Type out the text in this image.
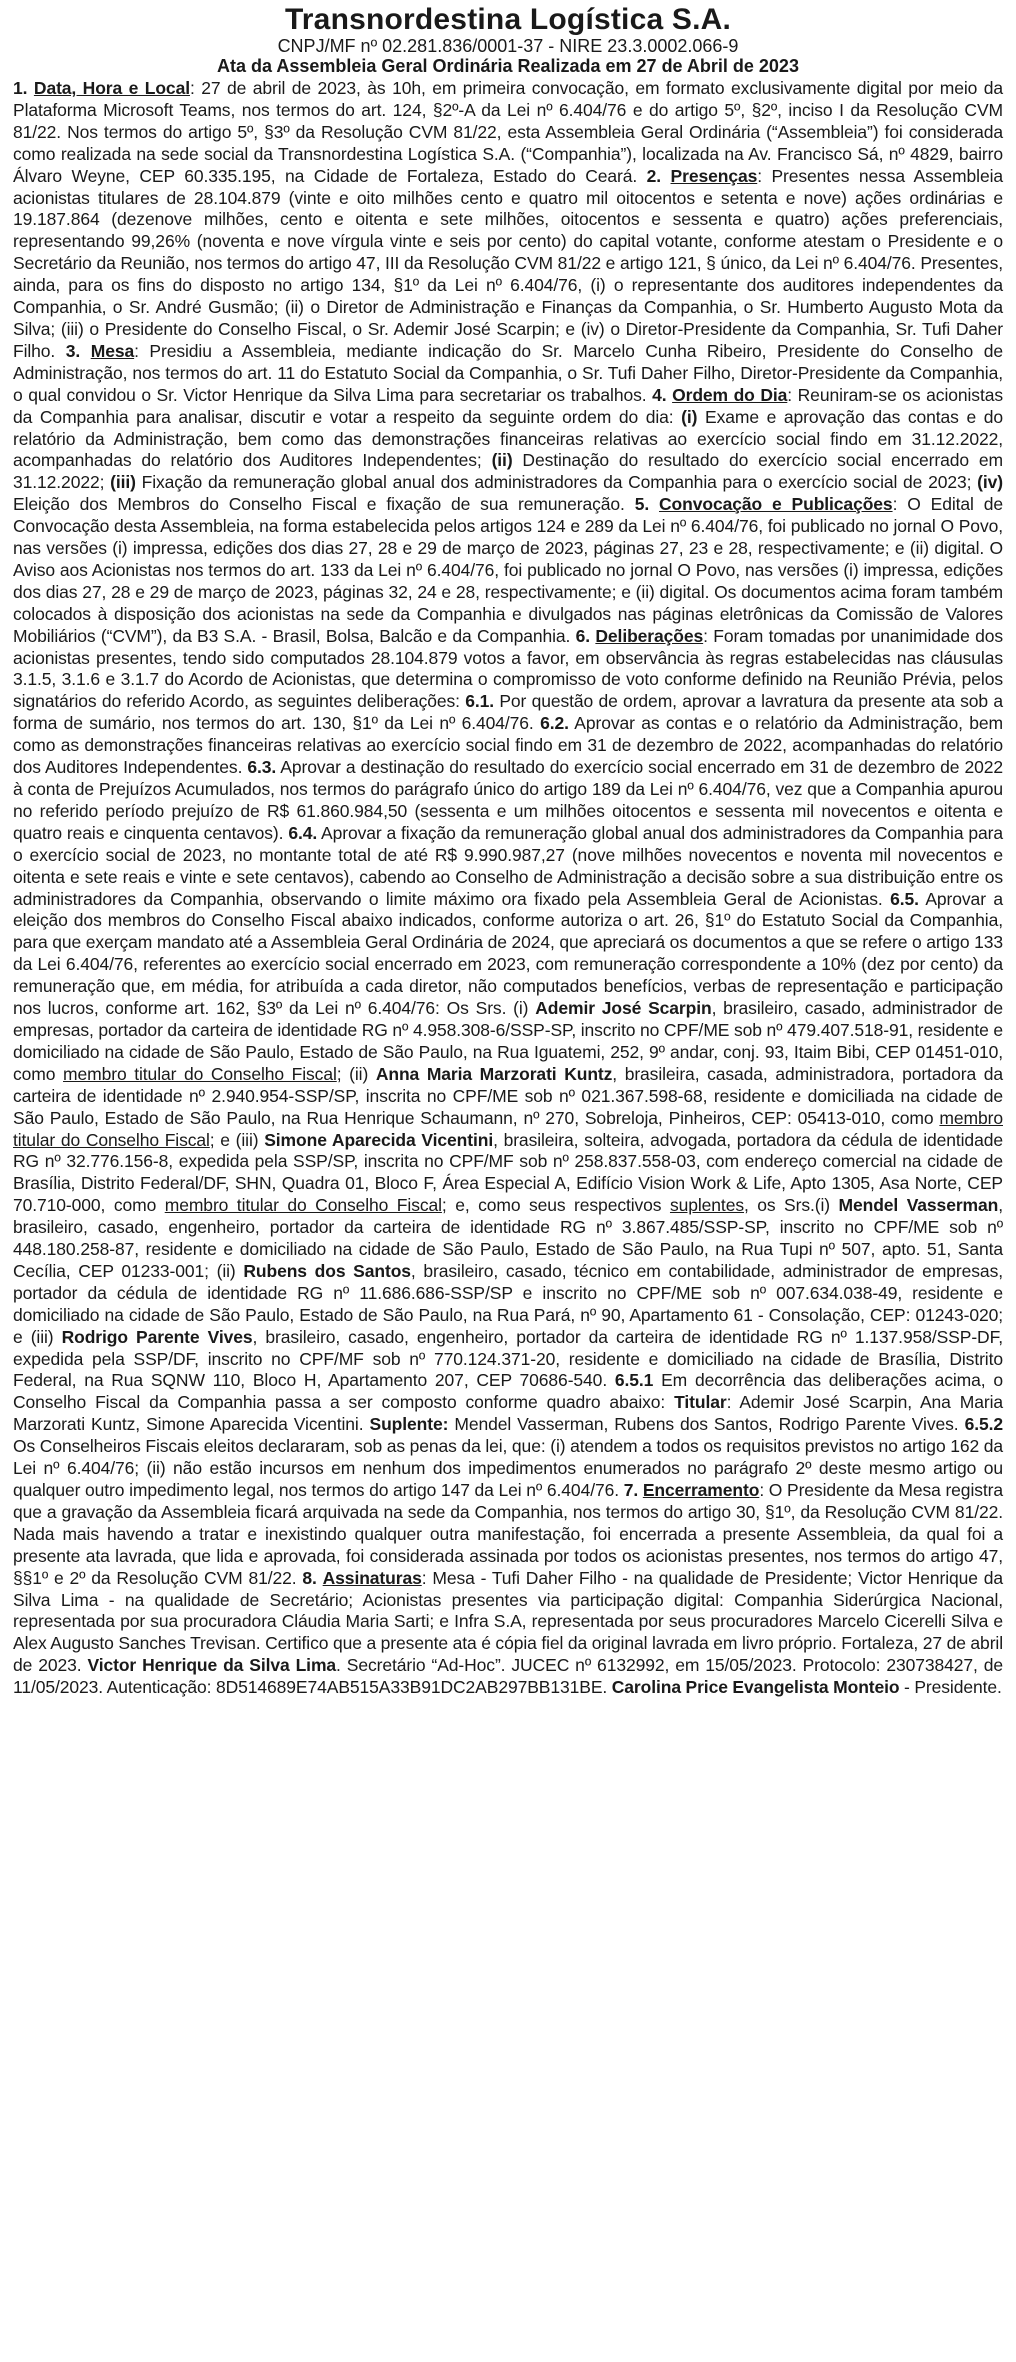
Transnordestina Logística S.A.
CNPJ/MF nº 02.281.836/0001-37 - NIRE 23.3.0002.066-9
Ata da Assembleia Geral Ordinária Realizada em 27 de Abril de 2023
1. Data, Hora e Local: 27 de abril de 2023, às 10h, em primeira convocação, em formato exclusivamente digital por meio da Plataforma Microsoft Teams, nos termos do art. 124, §2º-A da Lei nº 6.404/76 e do artigo 5º, §2º, inciso I da Resolução CVM 81/22. Nos termos do artigo 5º, §3º da Resolução CVM 81/22, esta Assembleia Geral Ordinária (“Assembleia”) foi considerada como realizada na sede social da Transnordestina Logística S.A. (“Companhia”), localizada na Av. Francisco Sá, nº 4829, bairro Álvaro Weyne, CEP 60.335.195, na Cidade de Fortaleza, Estado do Ceará. 2. Presenças: Presentes nessa Assembleia acionistas titulares de 28.104.879 (vinte e oito milhões cento e quatro mil oitocentos e setenta e nove) ações ordinárias e 19.187.864 (dezenove milhões, cento e oitenta e sete milhões, oitocentos e sessenta e quatro) ações preferenciais, representando 99,26% (noventa e nove vírgula vinte e seis por cento) do capital votante, conforme atestam o Presidente e o Secretário da Reunião, nos termos do artigo 47, III da Resolução CVM 81/22 e artigo 121, § único, da Lei nº 6.404/76. Presentes, ainda, para os fins do disposto no artigo 134, §1º da Lei nº 6.404/76, (i) o representante dos auditores independentes da Companhia, o Sr. André Gusmão; (ii) o Diretor de Administração e Finanças da Companhia, o Sr. Humberto Augusto Mota da Silva; (iii) o Presidente do Conselho Fiscal, o Sr. Ademir José Scarpin; e (iv) o Diretor-Presidente da Companhia, Sr. Tufi Daher Filho. 3. Mesa: Presidiu a Assembleia, mediante indicação do Sr. Marcelo Cunha Ribeiro, Presidente do Conselho de Administração, nos termos do art. 11 do Estatuto Social da Companhia, o Sr. Tufi Daher Filho, Diretor-Presidente da Companhia, o qual convidou o Sr. Victor Henrique da Silva Lima para secretariar os trabalhos. 4. Ordem do Dia: Reuniram-se os acionistas da Companhia para analisar, discutir e votar a respeito da seguinte ordem do dia: (i) Exame e aprovação das contas e do relatório da Administração, bem como das demonstrações financeiras relativas ao exercício social findo em 31.12.2022, acompanhadas do relatório dos Auditores Independentes; (ii) Destinação do resultado do exercício social encerrado em 31.12.2022; (iii) Fixação da remuneração global anual dos administradores da Companhia para o exercício social de 2023; (iv) Eleição dos Membros do Conselho Fiscal e fixação de sua remuneração. 5. Convocação e Publicações: O Edital de Convocação desta Assembleia, na forma estabelecida pelos artigos 124 e 289 da Lei nº 6.404/76, foi publicado no jornal O Povo, nas versões (i) impressa, edições dos dias 27, 28 e 29 de março de 2023, páginas 27, 23 e 28, respectivamente; e (ii) digital. O Aviso aos Acionistas nos termos do art. 133 da Lei nº 6.404/76, foi publicado no jornal O Povo, nas versões (i) impressa, edições dos dias 27, 28 e 29 de março de 2023, páginas 32, 24 e 28, respectivamente; e (ii) digital. Os documentos acima foram também colocados à disposição dos acionistas na sede da Companhia e divulgados nas páginas eletrônicas da Comissão de Valores Mobiliários (“CVM”), da B3 S.A. - Brasil, Bolsa, Balcão e da Companhia. 6. Deliberações: Foram tomadas por unanimidade dos acionistas presentes, tendo sido computados 28.104.879 votos a favor, em observância às regras estabelecidas nas cláusulas 3.1.5, 3.1.6 e 3.1.7 do Acordo de Acionistas, que determina o compromisso de voto conforme definido na Reunião Prévia, pelos signatários do referido Acordo, as seguintes deliberações: 6.1. Por questão de ordem, aprovar a lavratura da presente ata sob a forma de sumário, nos termos do art. 130, §1º da Lei nº 6.404/76. 6.2. Aprovar as contas e o relatório da Administração, bem como as demonstrações financeiras relativas ao exercício social findo em 31 de dezembro de 2022, acompanhadas do relatório dos Auditores Independentes. 6.3. Aprovar a destinação do resultado do exercício social encerrado em 31 de dezembro de 2022 à conta de Prejuízos Acumulados, nos termos do parágrafo único do artigo 189 da Lei nº 6.404/76, vez que a Companhia apurou no referido período prejuízo de R$ 61.860.984,50 (sessenta e um milhões oitocentos e sessenta mil novecentos e oitenta e quatro reais e cinquenta centavos). 6.4. Aprovar a fixação da remuneração global anual dos administradores da Companhia para o exercício social de 2023, no montante total de até R$ 9.990.987,27 (nove milhões novecentos e noventa mil novecentos e oitenta e sete reais e vinte e sete centavos), cabendo ao Conselho de Administração a decisão sobre a sua distribuição entre os administradores da Companhia, observando o limite máximo ora fixado pela Assembleia Geral de Acionistas. 6.5. Aprovar a eleição dos membros do Conselho Fiscal abaixo indicados, conforme autoriza o art. 26, §1º do Estatuto Social da Companhia, para que exerçam mandato até a Assembleia Geral Ordinária de 2024, que apreciará os documentos a que se refere o artigo 133 da Lei 6.404/76, referentes ao exercício social encerrado em 2023, com remuneração correspondente a 10% (dez por cento) da remuneração que, em média, for atribuída a cada diretor, não computados benefícios, verbas de representação e participação nos lucros, conforme art. 162, §3º da Lei nº 6.404/76: Os Srs. (i) Ademir José Scarpin, brasileiro, casado, administrador de empresas, portador da carteira de identidade RG nº 4.958.308-6/SSP-SP, inscrito no CPF/ME sob nº 479.407.518-91, residente e domiciliado na cidade de São Paulo, Estado de São Paulo, na Rua Iguatemi, 252, 9º andar, conj. 93, Itaim Bibi, CEP 01451-010, como membro titular do Conselho Fiscal; (ii) Anna Maria Marzorati Kuntz, brasileira, casada, administradora, portadora da carteira de identidade nº 2.940.954-SSP/SP, inscrita no CPF/ME sob nº 021.367.598-68, residente e domiciliada na cidade de São Paulo, Estado de São Paulo, na Rua Henrique Schaumann, nº 270, Sobreloja, Pinheiros, CEP: 05413-010, como membro titular do Conselho Fiscal; e (iii) Simone Aparecida Vicentini, brasileira, solteira, advogada, portadora da cédula de identidade RG nº 32.776.156-8, expedida pela SSP/SP, inscrita no CPF/MF sob nº 258.837.558-03, com endereço comercial na cidade de Brasília, Distrito Federal/DF, SHN, Quadra 01, Bloco F, Área Especial A, Edifício Vision Work & Life, Apto 1305, Asa Norte, CEP 70.710-000, como membro titular do Conselho Fiscal; e, como seus respectivos suplentes, os Srs.(i) Mendel Vasserman, brasileiro, casado, engenheiro, portador da carteira de identidade RG nº 3.867.485/SSP-SP, inscrito no CPF/ME sob nº 448.180.258-87, residente e domiciliado na cidade de São Paulo, Estado de São Paulo, na Rua Tupi nº 507, apto. 51, Santa Cecília, CEP 01233-001; (ii) Rubens dos Santos, brasileiro, casado, técnico em contabilidade, administrador de empresas, portador da cédula de identidade RG nº 11.686.686-SSP/SP e inscrito no CPF/ME sob nº 007.634.038-49, residente e domiciliado na cidade de São Paulo, Estado de São Paulo, na Rua Pará, nº 90, Apartamento 61 - Consolação, CEP: 01243-020; e (iii) Rodrigo Parente Vives, brasileiro, casado, engenheiro, portador da carteira de identidade RG nº 1.137.958/SSP-DF, expedida pela SSP/DF, inscrito no CPF/MF sob nº 770.124.371-20, residente e domiciliado na cidade de Brasília, Distrito Federal, na Rua SQNW 110, Bloco H, Apartamento 207, CEP 70686-540. 6.5.1 Em decorrência das deliberações acima, o Conselho Fiscal da Companhia passa a ser composto conforme quadro abaixo: Titular: Ademir José Scarpin, Ana Maria Marzorati Kuntz, Simone Aparecida Vicentini. Suplente: Mendel Vasserman, Rubens dos Santos, Rodrigo Parente Vives. 6.5.2 Os Conselheiros Fiscais eleitos declararam, sob as penas da lei, que: (i) atendem a todos os requisitos previstos no artigo 162 da Lei nº 6.404/76; (ii) não estão incursos em nenhum dos impedimentos enumerados no parágrafo 2º deste mesmo artigo ou qualquer outro impedimento legal, nos termos do artigo 147 da Lei nº 6.404/76. 7. Encerramento: O Presidente da Mesa registra que a gravação da Assembleia ficará arquivada na sede da Companhia, nos termos do artigo 30, §1º, da Resolução CVM 81/22. Nada mais havendo a tratar e inexistindo qualquer outra manifestação, foi encerrada a presente Assembleia, da qual foi a presente ata lavrada, que lida e aprovada, foi considerada assinada por todos os acionistas presentes, nos termos do artigo 47, §§1º e 2º da Resolução CVM 81/22. 8. Assinaturas: Mesa - Tufi Daher Filho - na qualidade de Presidente; Victor Henrique da Silva Lima - na qualidade de Secretário; Acionistas presentes via participação digital: Companhia Siderúrgica Nacional, representada por sua procuradora Cláudia Maria Sarti; e Infra S.A, representada por seus procuradores Marcelo Cicerelli Silva e Alex Augusto Sanches Trevisan. Certifico que a presente ata é cópia fiel da original lavrada em livro próprio. Fortaleza, 27 de abril de 2023. Victor Henrique da Silva Lima. Secretário “Ad-Hoc”. JUCEC nº 6132992, em 15/05/2023. Protocolo: 230738427, de 11/05/2023. Autenticação: 8D514689E74AB515A33B91DC2AB297BB131BE. Carolina Price Evangelista Monteio - Presidente.
